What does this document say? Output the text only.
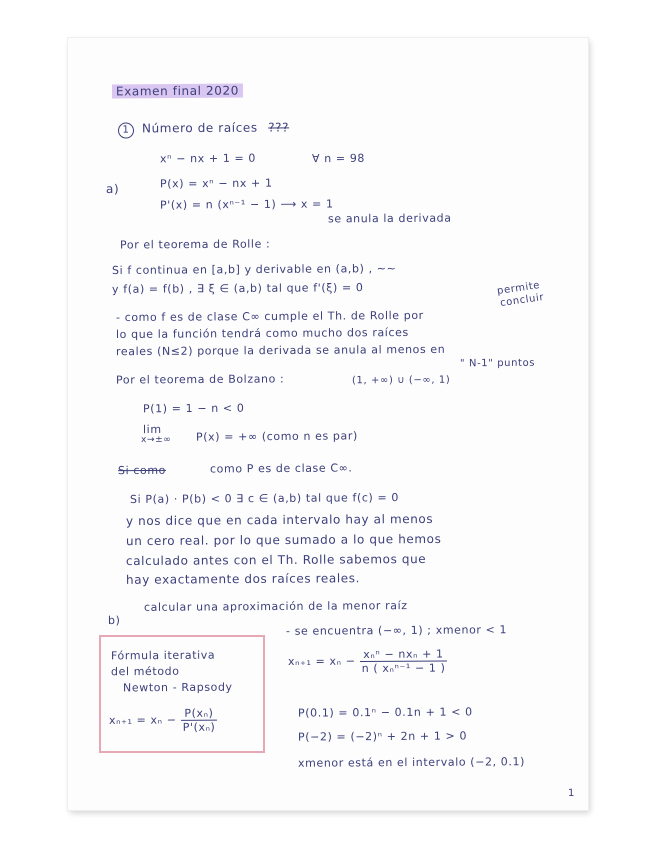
Examen final 2020
1 Número de raíces ???
xⁿ − nx + 1 = 0	∀ n = 98
a)	P(x) = xⁿ − nx + 1
P'(x) = n (xⁿ⁻¹ − 1) ⟶ x = 1
se anula la derivada
Por el teorema de Rolle :
Si f continua en [a,b] y derivable en (a,b) , ~~
y f(a) = f(b) , ∃ ξ ∈ (a,b) tal que f'(ξ) = 0	permite
concluir
- como f es de clase C∞ cumple el Th. de Rolle por
lo que la función tendrá como mucho dos raíces
reales (N≤2) porque la derivada se anula al menos en
" N-1" puntos
Por el teorema de Bolzano :	(1, +∞) ∪ (−∞, 1)
P(1) = 1 − n < 0
lim
x→±∞ P(x) = +∞ (como n es par)
Si como	como P es de clase C∞.
Si P(a) · P(b) < 0 ∃ c ∈ (a,b) tal que f(c) = 0
y nos dice que en cada intervalo hay al menos
un cero real. por lo que sumado a lo que hemos
calculado antes con el Th. Rolle sabemos que
hay exactamente dos raíces reales.
b)
calcular una aproximación de la menor raíz
- se encuentra (−∞, 1) ; xmenor < 1
Fórmula iterativa
del método
Newton - Rapsody
$x_{n+1} = x_n - \frac{\text{P(xₙ)}}{\text{P'(xₙ)}}$
$x_{n+1} = x_n - \frac{\text{xₙⁿ − nxₙ + 1}}{\text{n ( xₙⁿ⁻¹ − 1 )}}$
P(0.1) = 0.1ⁿ − 0.1n + 1 < 0
P(−2) = (−2)ⁿ + 2n + 1 > 0
xmenor está en el intervalo (−2, 0.1)
1
